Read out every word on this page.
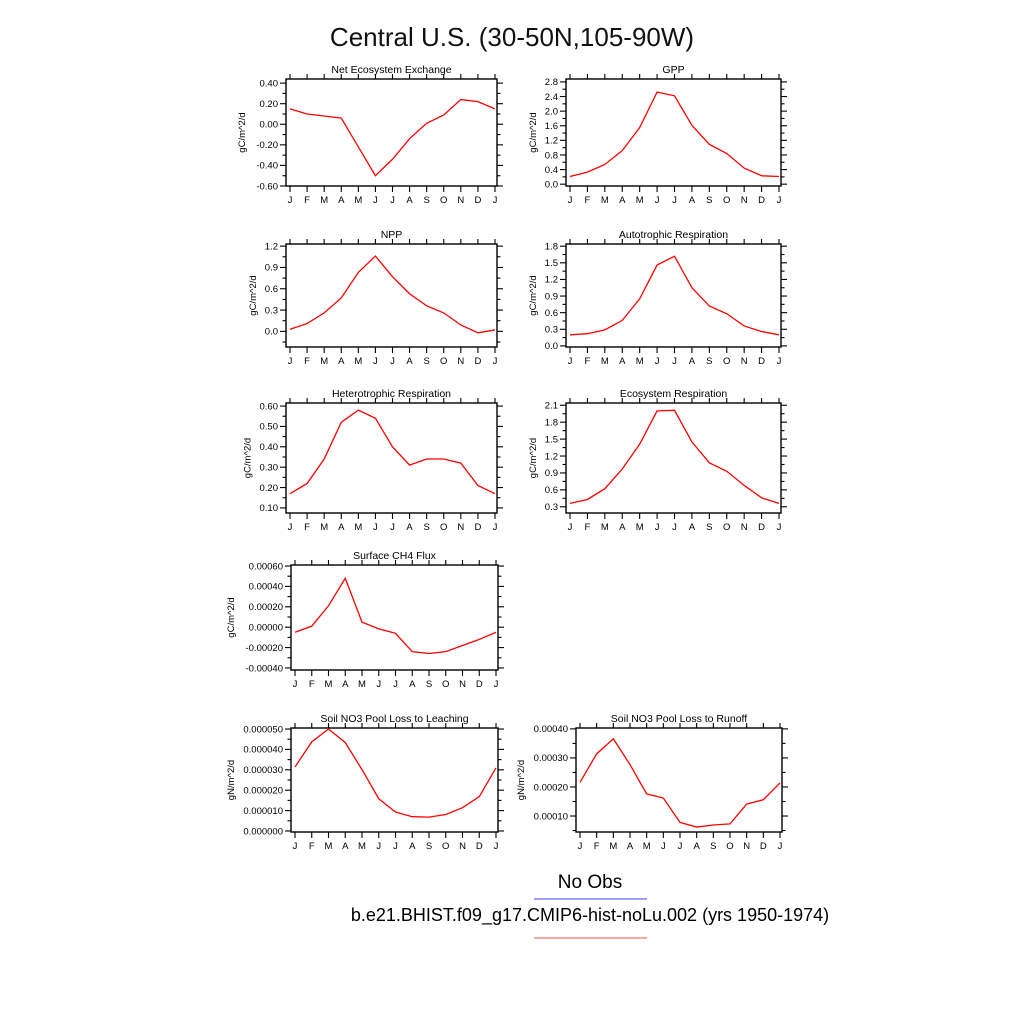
Central U.S. (30-50N,105-90W)
Net Ecosystem Exchange
J F M A M J J A S O N D J
-0.60
-0.40
-0.20
0.00
0.20
0.40
gC/m^2/d
GPP
J F M A M J J A S O N D J
0.0
0.4
0.8
1.2
1.6
2.0
2.4
2.8
gC/m^2/d
NPP
J F M A M J J A S O N D J
0.0
0.3
0.6
0.9
1.2
gC/m^2/d
Autotrophic Respiration
J F M A M J J A S O N D J
0.0
0.3
0.6
0.9
1.2
1.5
1.8
gC/m^2/d
Heterotrophic Respiration
J F M A M J J A S O N D J
0.10
0.20
0.30
0.40
0.50
0.60
gC/m^2/d
Ecosystem Respiration
J F M A M J J A S O N D J
0.3
0.6
0.9
1.2
1.5
1.8
2.1
gC/m^2/d
Surface CH4 Flux
J F M A M J J A S O N D J
-0.00040
-0.00020
0.00000
0.00020
0.00040
0.00060
gC/m^2/d
Soil NO3 Pool Loss to Leaching
J F M A M J J A S O N D J
0.000000
0.000010
0.000020
0.000030
0.000040
0.000050
gN/m^2/d
Soil NO3 Pool Loss to Runoff
J F M A M J J A S O N D J
0.00010
0.00020
0.00030
0.00040
gN/m^2/d
No Obs
b.e21.BHIST.f09_g17.CMIP6-hist-noLu.002 (yrs 1950-1974)
